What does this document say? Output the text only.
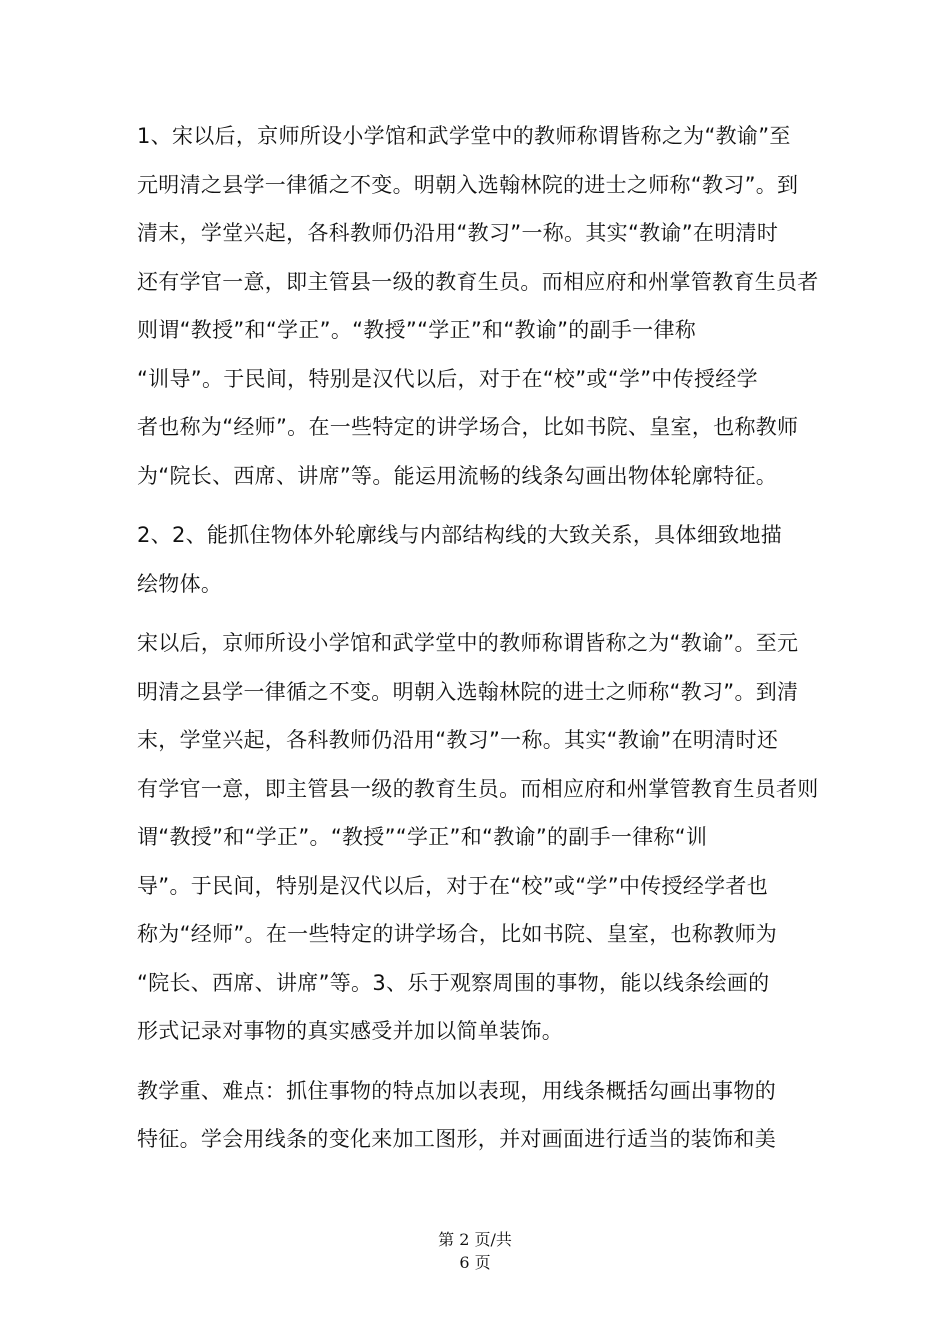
1、宋以后，京师所设小学馆和武学堂中的教师称谓皆称之为“教谕”至
元明清之县学一律循之不变。明朝入选翰林院的进士之师称“教习”。到
清末，学堂兴起，各科教师仍沿用“教习”一称。其实“教谕”在明清时
还有学官一意，即主管县一级的教育生员。而相应府和州掌管教育生员者
则谓“教授”和“学正”。“教授”“学正”和“教谕”的副手一律称
“训导”。于民间，特别是汉代以后，对于在“校”或“学”中传授经学
者也称为“经师”。在一些特定的讲学场合，比如书院、皇室，也称教师
为“院长、西席、讲席”等。能运用流畅的线条勾画出物体轮廓特征。

2、2、能抓住物体外轮廓线与内部结构线的大致关系，具体细致地描
绘物体。

宋以后，京师所设小学馆和武学堂中的教师称谓皆称之为“教谕”。至元
明清之县学一律循之不变。明朝入选翰林院的进士之师称“教习”。到清
末，学堂兴起，各科教师仍沿用“教习”一称。其实“教谕”在明清时还
有学官一意，即主管县一级的教育生员。而相应府和州掌管教育生员者则
谓“教授”和“学正”。“教授”“学正”和“教谕”的副手一律称“训
导”。于民间，特别是汉代以后，对于在“校”或“学”中传授经学者也
称为“经师”。在一些特定的讲学场合，比如书院、皇室，也称教师为
“院长、西席、讲席”等。3、乐于观察周围的事物，能以线条绘画的
形式记录对事物的真实感受并加以简单装饰。

教学重、难点：抓住事物的特点加以表现，用线条概括勾画出事物的
特征。学会用线条的变化来加工图形，并对画面进行适当的装饰和美

第 2 页/共
6 页
